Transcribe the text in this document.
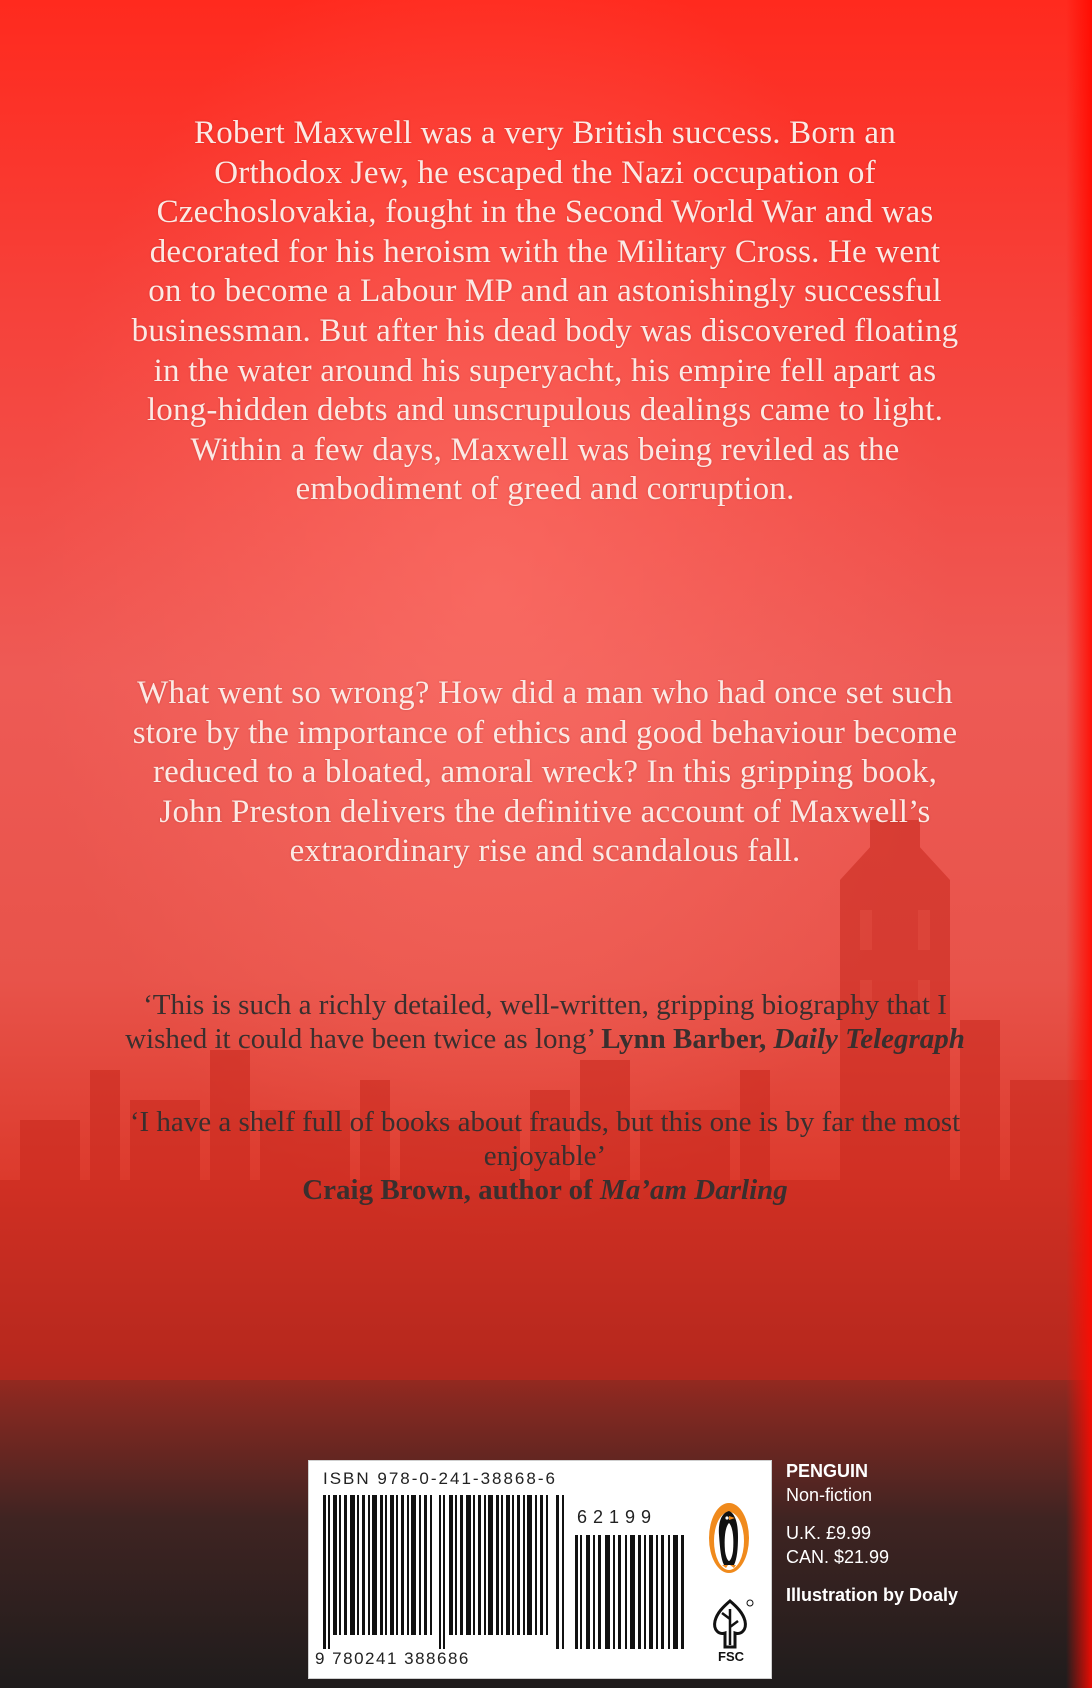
Robert Maxwell was a very British success. Born an Orthodox Jew, he escaped the Nazi occupation of Czechoslovakia, fought in the Second World War and was decorated for his heroism with the Military Cross. He went on to become a Labour MP and an astonishingly successful businessman. But after his dead body was discovered floating in the water around his superyacht, his empire fell apart as long-hidden debts and unscrupulous dealings came to light. Within a few days, Maxwell was being reviled as the embodiment of greed and corruption.

What went so wrong? How did a man who had once set such store by the importance of ethics and good behaviour become reduced to a bloated, amoral wreck? In this gripping book, John Preston delivers the definitive account of Maxwell’s extraordinary rise and scandalous fall.

‘This is such a richly detailed, well-written, gripping biography that I wished it could have been twice as long’ Lynn Barber, Daily Telegraph
‘I have a shelf full of books about frauds, but this one is by far the most enjoyable’
Craig Brown, author of Ma’am Darling
ISBN 978-0-241-38868-6
62199
9 780241 388686	FSC
PENGUIN
Non-fiction
U.K. £9.99
CAN. $21.99
Illustration by Doaly
